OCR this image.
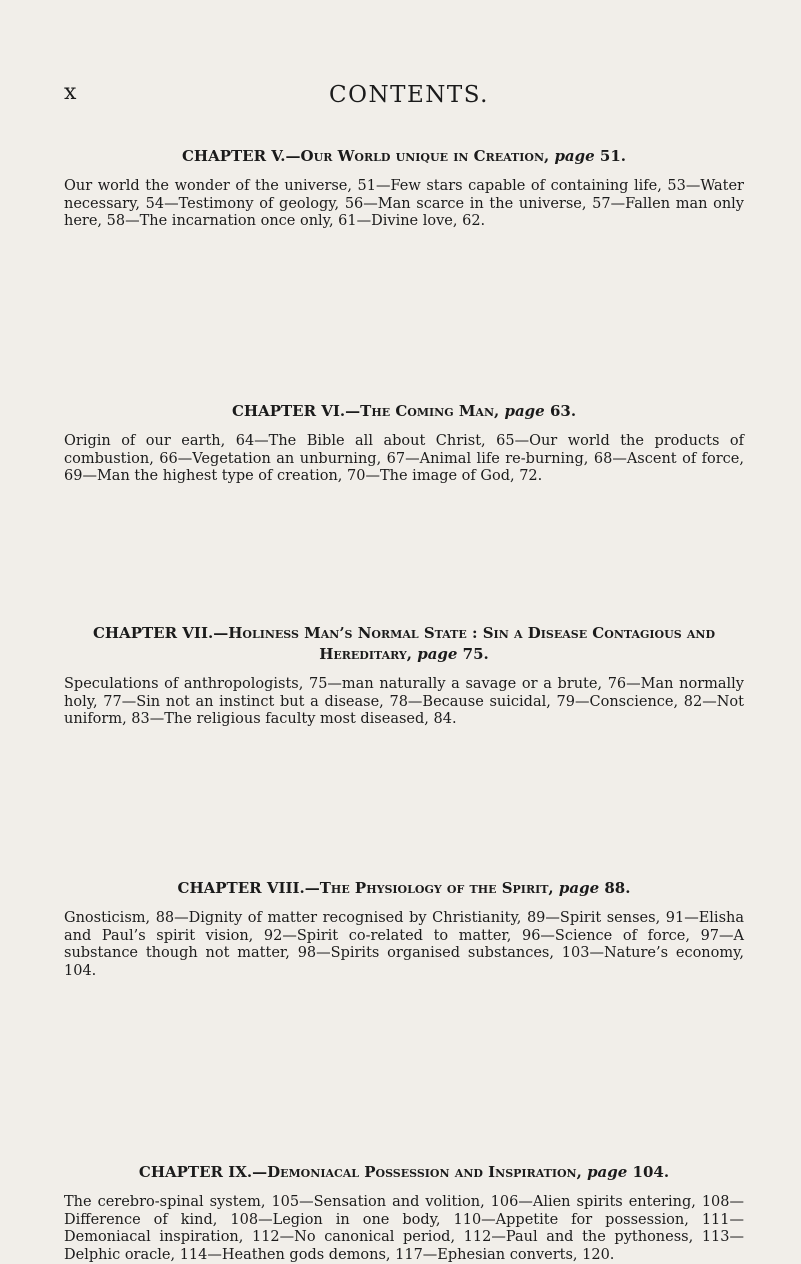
x	CONTENTS.
CHAPTER V.—Our World unique in Creation, page 51.

Our world the wonder of the universe, 51—Few stars capable of containing life, 53—Water necessary, 54—Testimony of geology, 56—Man scarce in the universe, 57—Fallen man only here, 58—The incarnation once only, 61—Divine love, 62.

CHAPTER VI.—The Coming Man, page 63.

Origin of our earth, 64—The Bible all about Christ, 65—Our world the products of combustion, 66—Vegetation an unburning, 67—Animal life re-burning, 68—Ascent of force, 69—Man the highest type of creation, 70—The image of God, 72.

CHAPTER VII.—Holiness Man’s Normal State : Sin a Disease Contagious and Hereditary, page 75.

Speculations of anthropologists, 75—man naturally a savage or a brute, 76—Man normally holy, 77—Sin not an instinct but a disease, 78—Because suicidal, 79—Conscience, 82—Not uniform, 83—The religious faculty most diseased, 84.

CHAPTER VIII.—The Physiology of the Spirit, page 88.

Gnosticism, 88—Dignity of matter recognised by Christianity, 89—Spirit senses, 91—Elisha and Paul’s spirit vision, 92—Spirit co-related to matter, 96—Science of force, 97—A substance though not matter, 98—Spirits organised substances, 103—Nature’s economy, 104.

CHAPTER IX.—Demoniacal Possession and Inspiration, page 104.

The cerebro-spinal system, 105—Sensation and volition, 106—Alien spirits entering, 108—Difference of kind, 108—Legion in one body, 110—Appetite for possession, 111—Demoniacal inspiration, 112—No canonical period, 112—Paul and the pythoness, 113—Delphic oracle, 114—Heathen gods demons, 117—Ephesian converts, 120.
